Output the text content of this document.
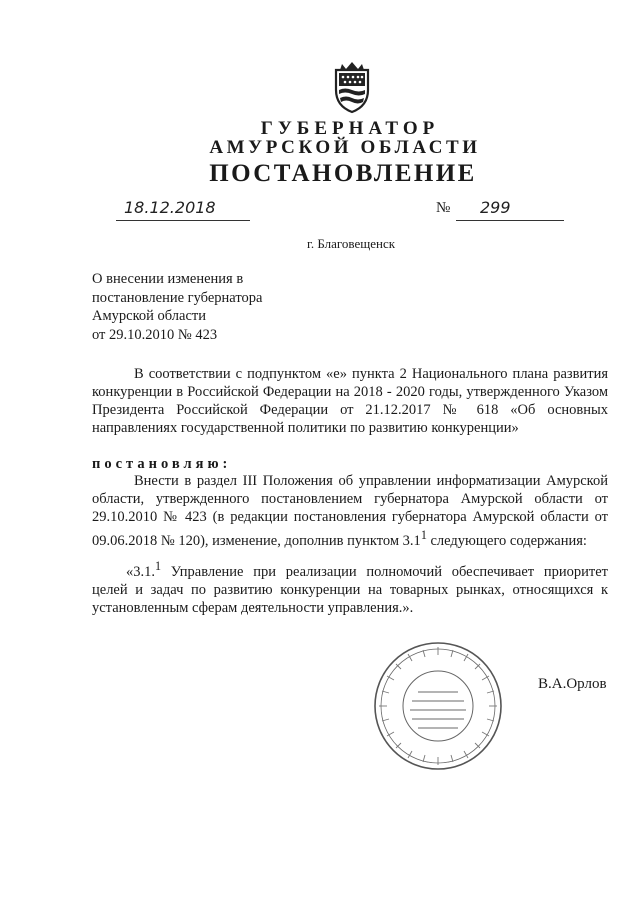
ГУБЕРНАТОР
АМУРСКОЙ ОБЛАСТИ
ПОСТАНОВЛЕНИЕ
18.12.2018	№ 299
г. Благовещенск
О внесении изменения в
постановление губернатора
Амурской области
от 29.10.2010 № 423
В соответствии с подпунктом «е» пункта 2 Национального плана развития конкуренции в Российской Федерации на 2018 - 2020 годы, утвержденного Указом Президента Российской Федерации от 21.12.2017 № 618 «Об основных направлениях государственной политики по развитию конкуренции»
постановляю:
Внести в раздел III Положения об управлении информатизации Амурской области, утвержденного постановлением губернатора Амурской области от 29.10.2010 № 423 (в редакции постановления губернатора Амурской области от 09.06.2018 № 120), изменение, дополнив пунктом $3.1^1$ следующего содержания:
«3.1.$^1$ Управление при реализации полномочий обеспечивает приоритет целей и задач по развитию конкуренции на товарных рынках, относящихся к установленным сферам деятельности управления.».
В.А.Орлов
